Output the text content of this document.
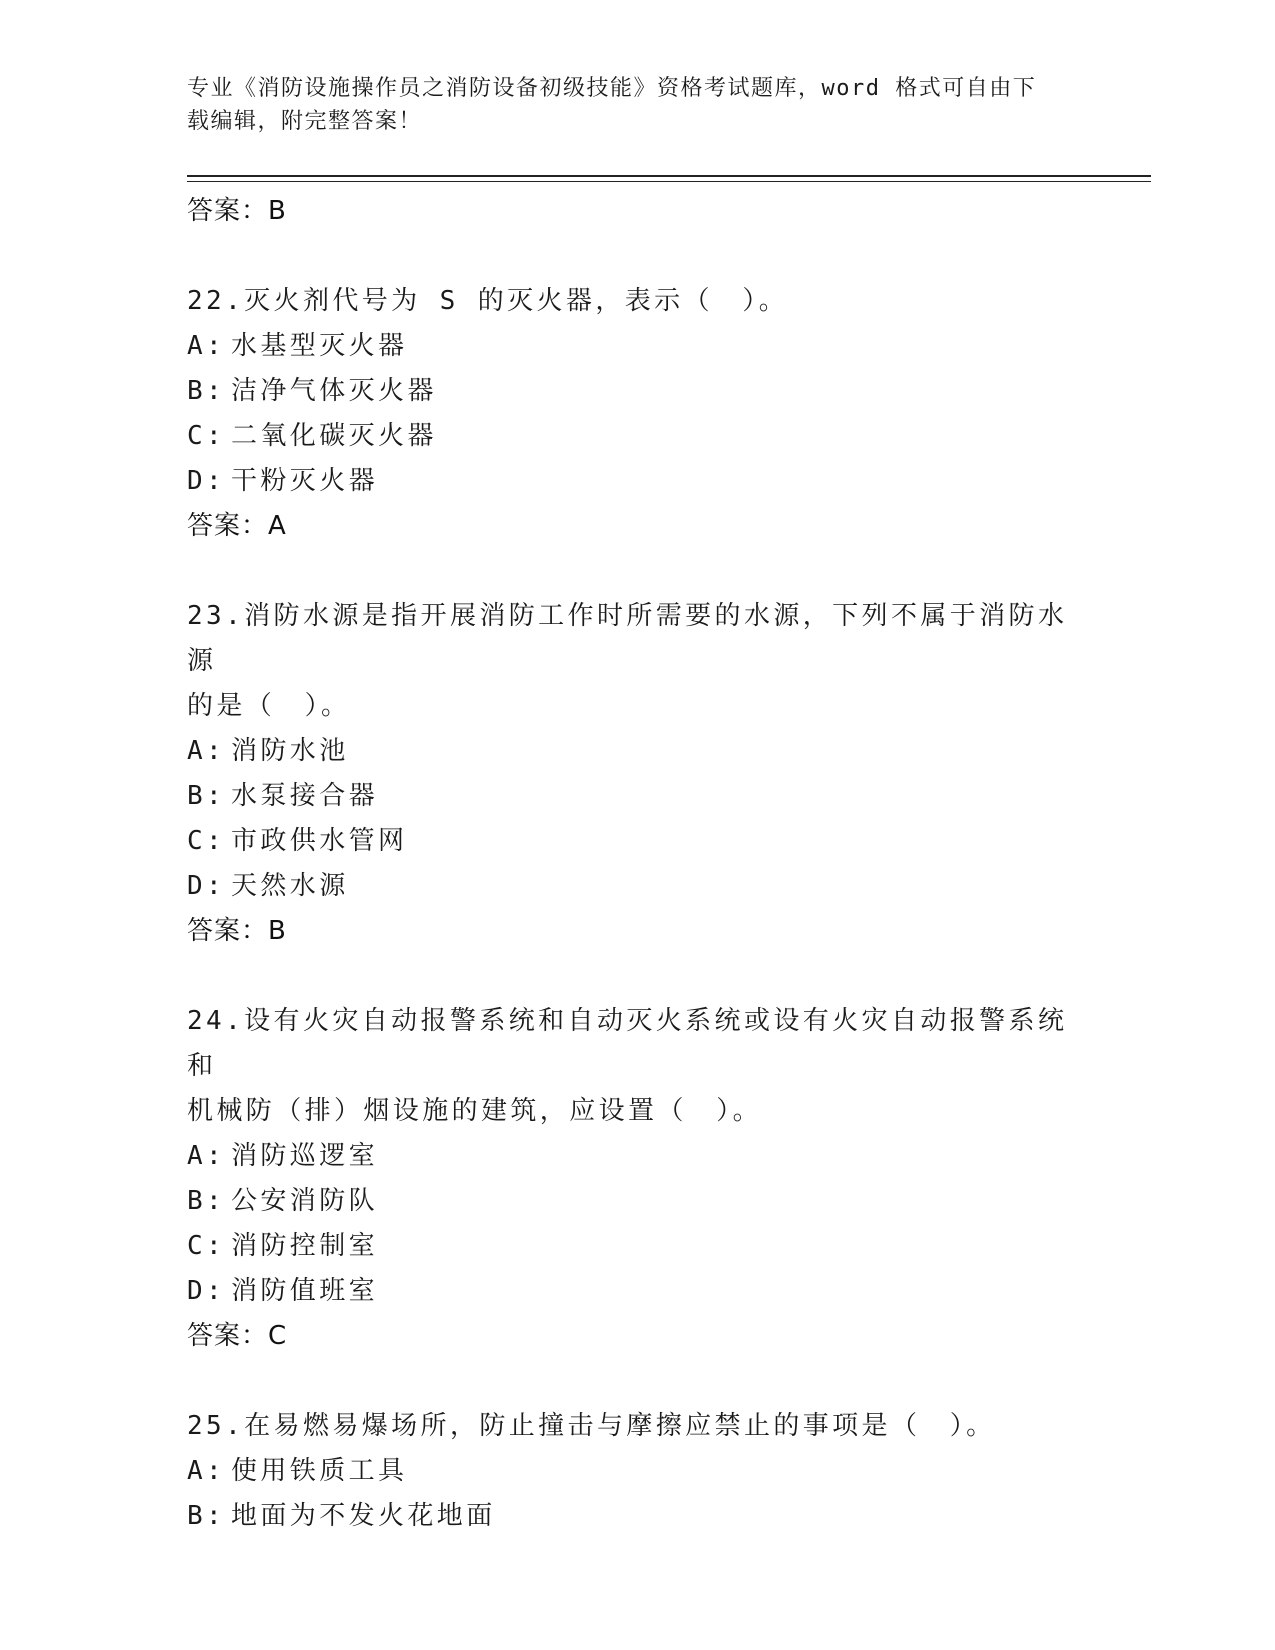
专业《消防设施操作员之消防设备初级技能》资格考试题库，word 格式可自由下
载编辑，附完整答案！
答案：B
22.灭火剂代号为 S 的灭火器，表示（　）。
A: 水基型灭火器
B: 洁净气体灭火器
C: 二氧化碳灭火器
D: 干粉灭火器
答案：A
23.消防水源是指开展消防工作时所需要的水源，下列不属于消防水源
的是（　）。
A: 消防水池
B: 水泵接合器
C: 市政供水管网
D: 天然水源
答案：B
24.设有火灾自动报警系统和自动灭火系统或设有火灾自动报警系统和
机械防（排）烟设施的建筑，应设置（　）。
A: 消防巡逻室
B: 公安消防队
C: 消防控制室
D: 消防值班室
答案：C
25.在易燃易爆场所，防止撞击与摩擦应禁止的事项是（　）。
A: 使用铁质工具
B: 地面为不发火花地面
